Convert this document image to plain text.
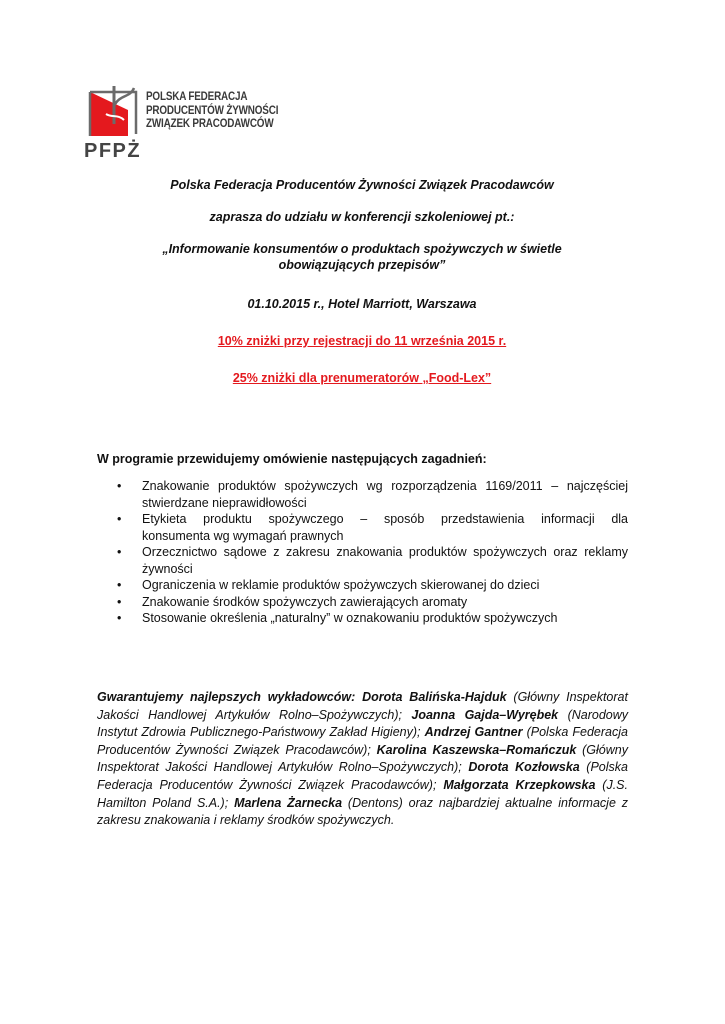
POLSKA FEDERACJA
PRODUCENTÓW ŻYWNOŚCI
ZWIĄZEK PRACODAWCÓW
PFPŻ
Polska Federacja Producentów Żywności Związek Pracodawców
zaprasza do udziału w konferencji szkoleniowej pt.:
„Informowanie konsumentów o produktach spożywczych w świetle
obowiązujących przepisów”
01.10.2015 r., Hotel Marriott, Warszawa
10% zniżki przy rejestracji do 11 września 2015 r.
25% zniżki dla prenumeratorów „Food-Lex”
W programie przewidujemy omówienie następujących zagadnień:
• Znakowanie produktów spożywczych wg rozporządzenia 1169/2011 – najczęściej
stwierdzane nieprawidłowości
• Etykieta produktu spożywczego – sposób przedstawienia informacji dla
konsumenta wg wymagań prawnych
• Orzecznictwo sądowe z zakresu znakowania produktów spożywczych oraz reklamy
żywności
• Ograniczenia w reklamie produktów spożywczych skierowanej do dzieci
• Znakowanie środków spożywczych zawierających aromaty
• Stosowanie określenia „naturalny” w oznakowaniu produktów spożywczych
Gwarantujemy najlepszych wykładowców: Dorota Balińska-Hajduk (Główny Inspektorat Jakości Handlowej Artykułów Rolno–Spożywczych); Joanna Gajda–Wyrębek (Narodowy Instytut Zdrowia Publicznego-Państwowy Zakład Higieny); Andrzej Gantner (Polska Federacja Producentów Żywności Związek Pracodawców); Karolina Kaszewska–Romańczuk (Główny Inspektorat Jakości Handlowej Artykułów Rolno–Spożywczych); Dorota Kozłowska (Polska Federacja Producentów Żywności Związek Pracodawców); Małgorzata Krzepkowska (J.S. Hamilton Poland S.A.); Marlena Żarnecka (Dentons) oraz najbardziej aktualne informacje z zakresu znakowania i reklamy środków spożywczych.
